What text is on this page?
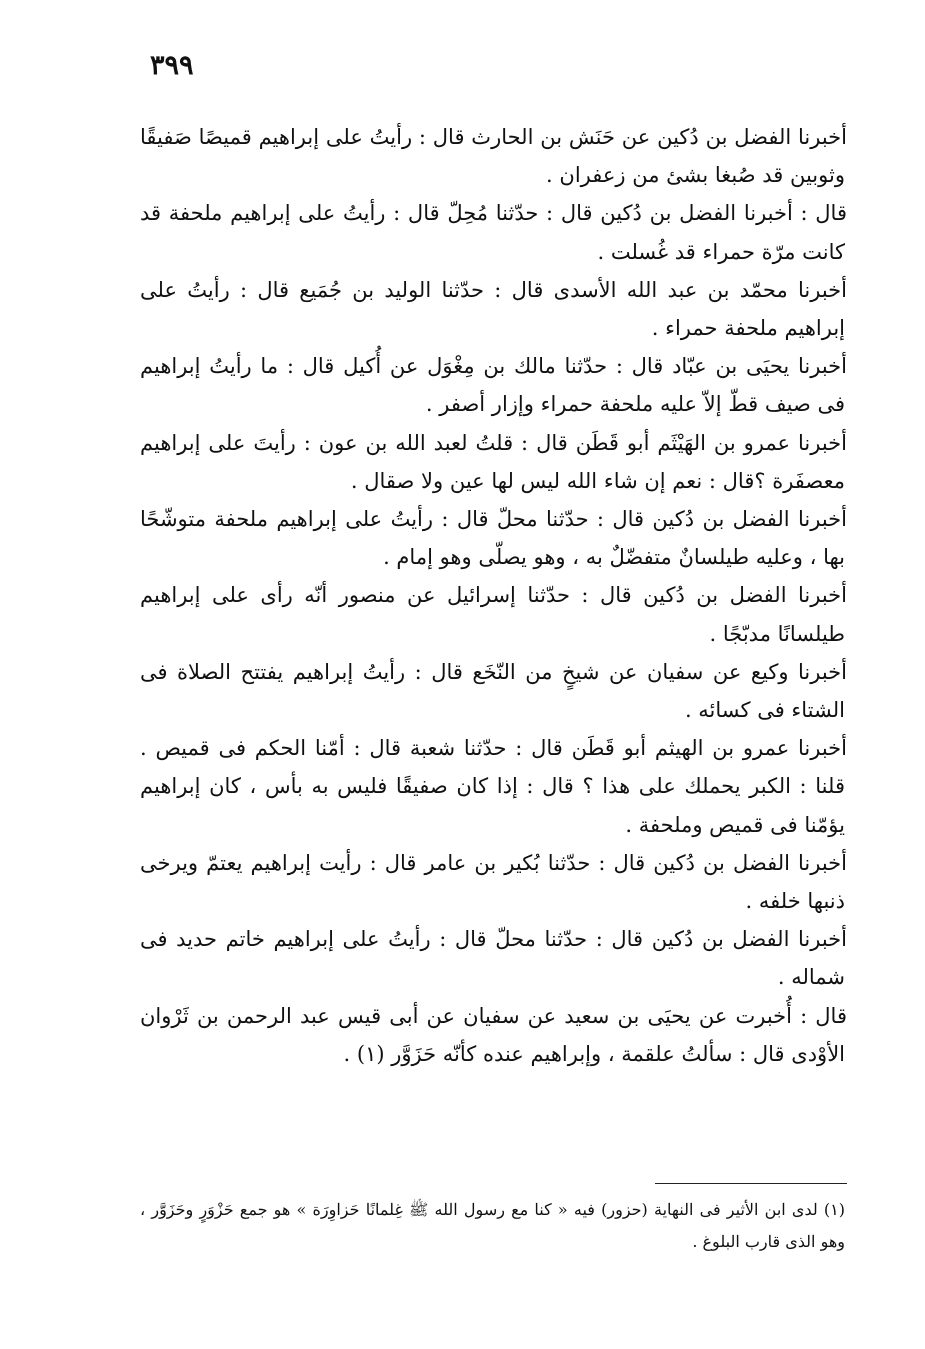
٣٩٩

أخبرنا الفضل بن دُكين عن حَنَش بن الحارث قال : رأيتُ على إبراهيم قميصًا صَفيقًا وثوبين قد صُبغا بشئ من زعفران .

قال : أخبرنا الفضل بن دُكين قال : حدّثنا مُحِلّ قال : رأيتُ على إبراهيم ملحفة قد كانت مرّة حمراء قد غُسلت .

أخبرنا محمّد بن عبد الله الأسدى قال : حدّثنا الوليد بن جُمَيع قال : رأيتُ على إبراهيم ملحفة حمراء .

أخبرنا يحيَى بن عبّاد قال : حدّثنا مالك بن مِغْوَل عن أُكيل قال : ما رأيتُ إبراهيم فى صيف قطّ إلاّ عليه ملحفة حمراء وإزار أصفر .

أخبرنا عمرو بن الهَيْثَم أبو قَطَن قال : قلتُ لعبد الله بن عون : رأيتَ على إبراهيم معصفَرة ؟قال : نعم إن شاء الله ليس لها عين ولا صقال .

أخبرنا الفضل بن دُكين قال : حدّثنا محلّ قال : رأيتُ على إبراهيم ملحفة متوشّحًا بها ، وعليه طيلسانٌ متفضّلٌ به ، وهو يصلّى وهو إمام .

أخبرنا الفضل بن دُكين قال : حدّثنا إسرائيل عن منصور أنّه رأى على إبراهيم طيلسانًا مدبّجًا .

أخبرنا وكيع عن سفيان عن شيخٍ من النّخَع قال : رأيتُ إبراهيم يفتتح الصلاة فى الشتاء فى كسائه .

أخبرنا عمرو بن الهيثم أبو قَطَن قال : حدّثنا شعبة قال : أمّنا الحكم فى قميص . قلنا : الكبر يحملك على هذا ؟ قال : إذا كان صفيقًا فليس به بأس ، كان إبراهيم يؤمّنا فى قميص وملحفة .

أخبرنا الفضل بن دُكين قال : حدّثنا بُكير بن عامر قال : رأيت إبراهيم يعتمّ ويرخى ذنبها خلفه .

أخبرنا الفضل بن دُكين قال : حدّثنا محلّ قال : رأيتُ على إبراهيم خاتم حديد فى شماله .

قال : أُخبرت عن يحيَى بن سعيد عن سفيان عن أبى قيس عبد الرحمن بن ثَرْوان الأوْدى قال : سألتُ علقمة ، وإبراهيم عنده كأنّه حَزَوَّر (١) .

(١) لدى ابن الأثير فى النهاية (حزور) فيه « كنا مع رسول الله ﷺ غِلمانًا حَزاوِرَة » هو جمع حَزْوَرٍ وحَزَوَّر ، وهو الذى قارب البلوغ .
